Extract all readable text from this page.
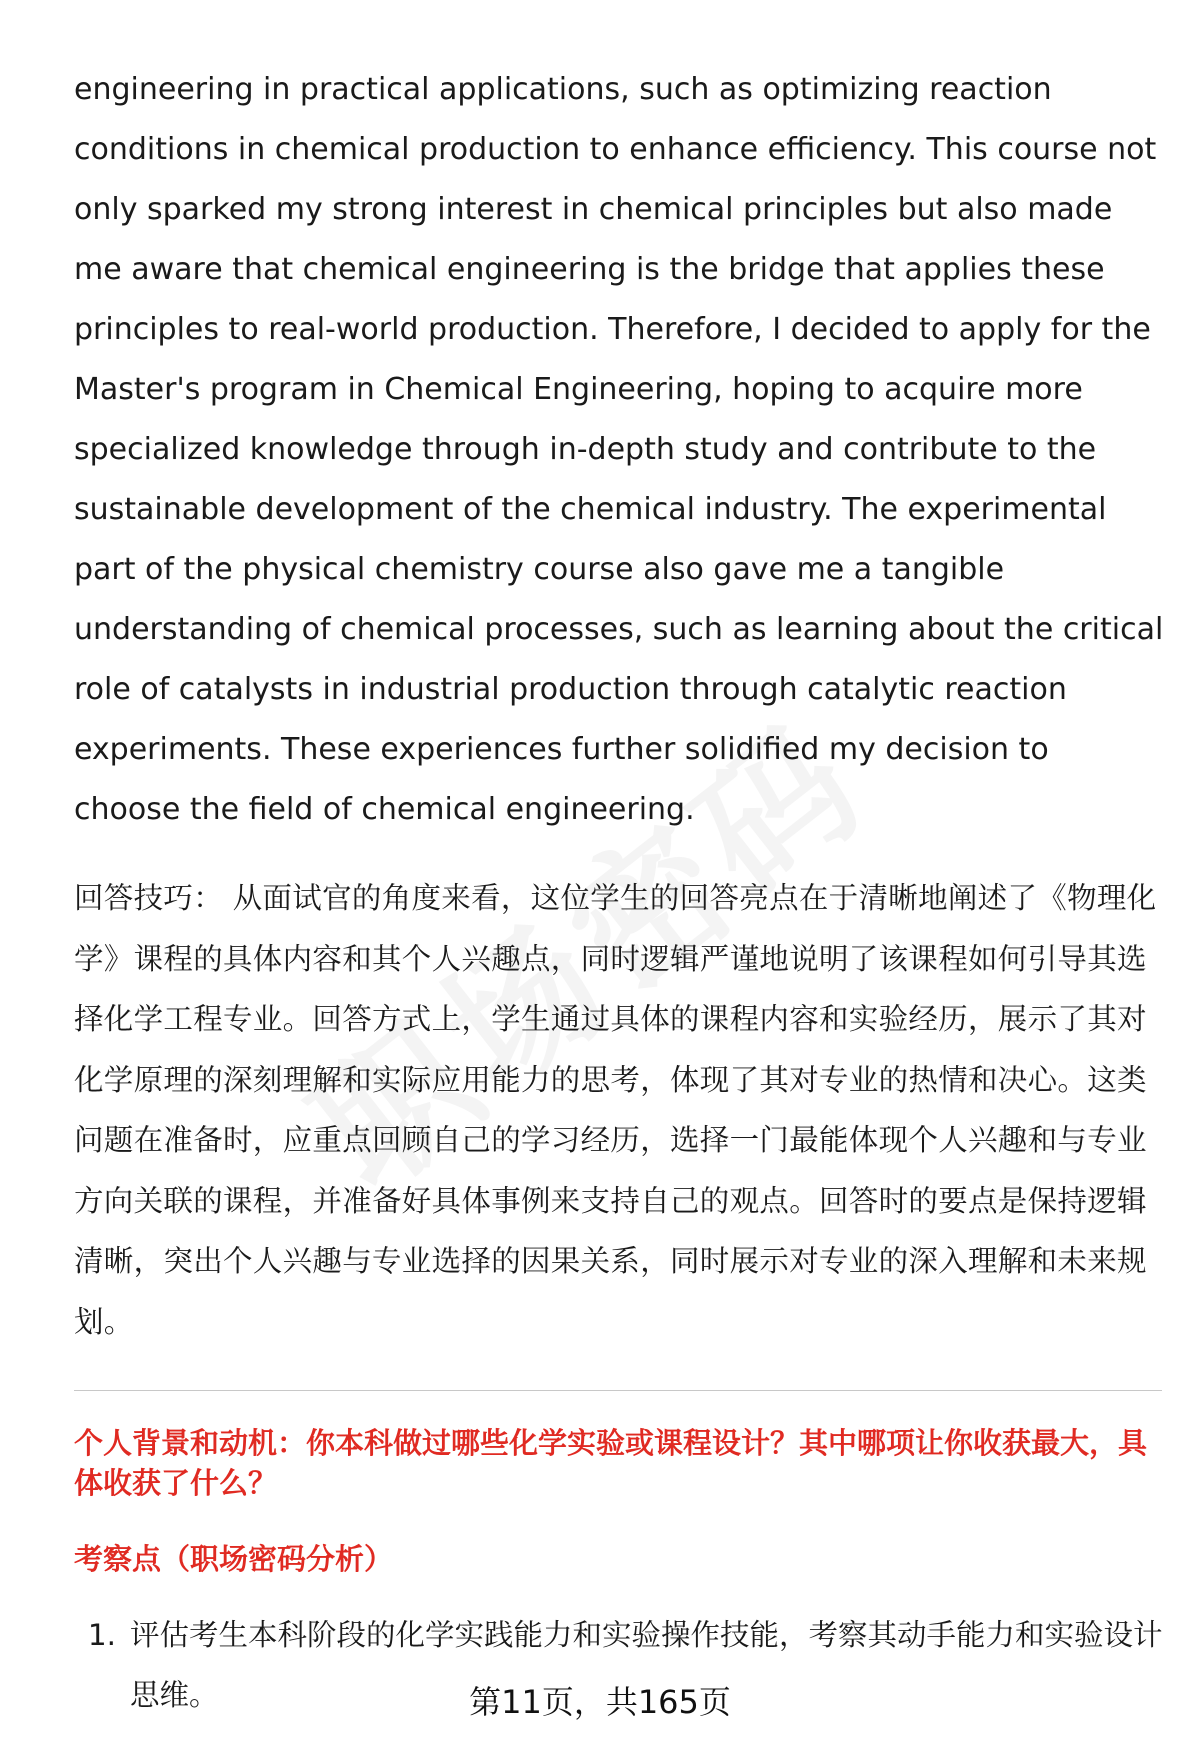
engineering in practical applications, such as optimizing reaction conditions in chemical production to enhance efficiency. This course not only sparked my strong interest in chemical principles but also made me aware that chemical engineering is the bridge that applies these principles to real-world production. Therefore, I decided to apply for the Master's program in Chemical Engineering, hoping to acquire more specialized knowledge through in-depth study and contribute to the sustainable development of the chemical industry. The experimental part of the physical chemistry course also gave me a tangible understanding of chemical processes, such as learning about the critical role of catalysts in industrial production through catalytic reaction experiments. These experiences further solidified my decision to choose the field of chemical engineering.

回答技巧： 从面试官的角度来看，这位学生的回答亮点在于清晰地阐述了《物理化学》课程的具体内容和其个人兴趣点，同时逻辑严谨地说明了该课程如何引导其选择化学工程专业。回答方式上，学生通过具体的课程内容和实验经历，展示了其对化学原理的深刻理解和实际应用能力的思考，体现了其对专业的热情和决心。这类问题在准备时，应重点回顾自己的学习经历，选择一门最能体现个人兴趣和与专业方向关联的课程，并准备好具体事例来支持自己的观点。回答时的要点是保持逻辑清晰，突出个人兴趣与专业选择的因果关系，同时展示对专业的深入理解和未来规划。

个人背景和动机：你本科做过哪些化学实验或课程设计？其中哪项让你收获最大，具体收获了什么？

考察点（职场密码分析）

1. 评估考生本科阶段的化学实践能力和实验操作技能，考察其动手能力和实验设计思维。	第11页，共165页
